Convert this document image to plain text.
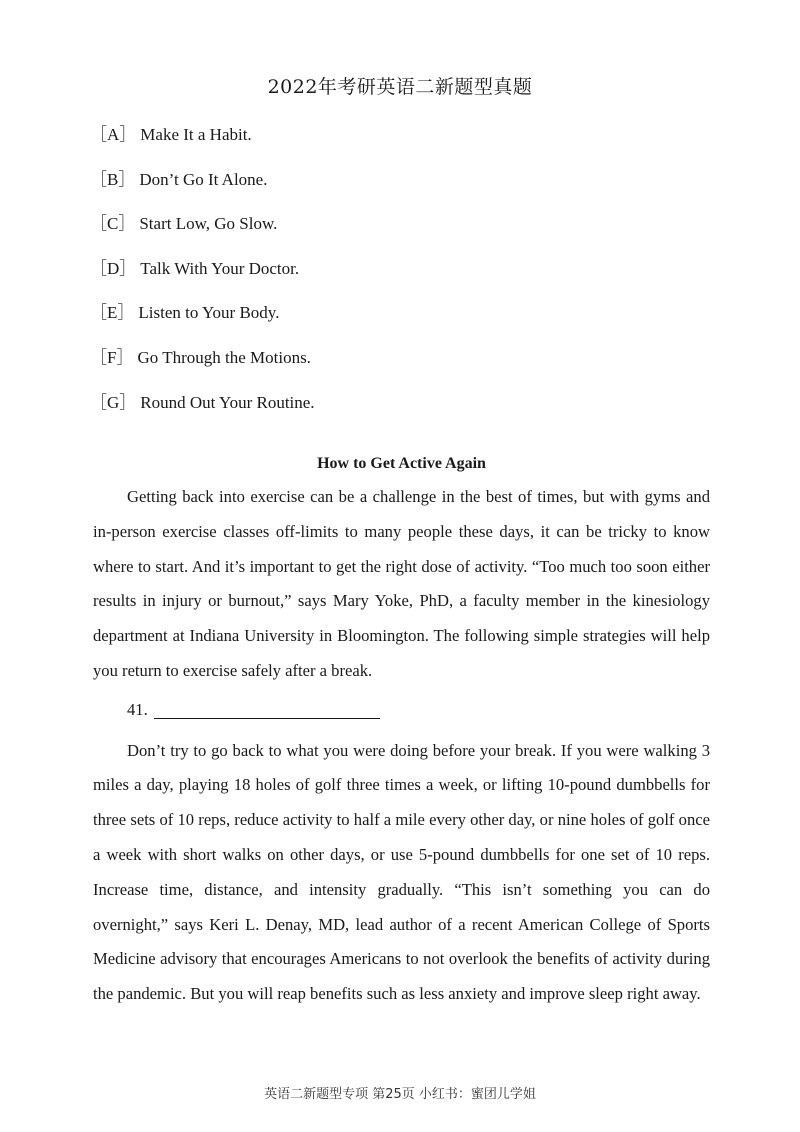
2022年考研英语二新题型真题
［A］ Make It a Habit.
［B］ Don’t Go It Alone.
［C］ Start Low, Go Slow.
［D］ Talk With Your Doctor.
［E］ Listen to Your Body.
［F］ Go Through the Motions.
［G］ Round Out Your Routine.
How to Get Active Again

Getting back into exercise can be a challenge in the best of times, but with gyms and in-person exercise classes off-limits to many people these days, it can be tricky to know where to start. And it’s important to get the right dose of activity. “Too much too soon either results in injury or burnout,” says Mary Yoke, PhD, a faculty member in the kinesiology department at Indiana University in Bloomington. The following simple strategies will help you return to exercise safely after a break.

41.

Don’t try to go back to what you were doing before your break. If you were walking 3 miles a day, playing 18 holes of golf three times a week, or lifting 10-pound dumbbells for three sets of 10 reps, reduce activity to half a mile every other day, or nine holes of golf once a week with short walks on other days, or use 5-pound dumbbells for one set of 10 reps. Increase time, distance, and intensity gradually. “This isn’t something you can do overnight,” says Keri L. Denay, MD, lead author of a recent American College of Sports Medicine advisory that encourages Americans to not overlook the benefits of activity during the pandemic. But you will reap benefits such as less anxiety and improve sleep right away.

英语二新题型专项 第25页 小红书：蜜团儿学姐
